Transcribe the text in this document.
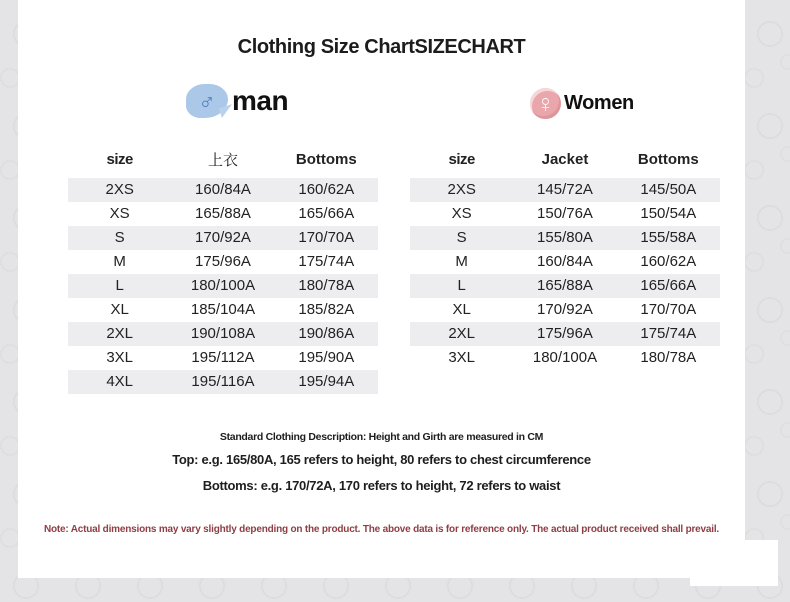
Clothing Size ChartSIZECHART
♂ man	♀ Women
size	上衣	Bottoms
2XS	160/84A	160/62A
XS	165/88A	165/66A
S	170/92A	170/70A
M	175/96A	175/74A
L	180/100A	180/78A
XL	185/104A	185/82A
2XL	190/108A	190/86A
3XL	195/112A	195/90A
4XL	195/116A	195/94A
size	Jacket	Bottoms
2XS	145/72A	145/50A
XS	150/76A	150/54A
S	155/80A	155/58A
M	160/84A	160/62A
L	165/88A	165/66A
XL	170/92A	170/70A
2XL	175/96A	175/74A
3XL	180/100A	180/78A
Standard Clothing Description: Height and Girth are measured in CM
Top: e.g. 165/80A, 165 refers to height, 80 refers to chest circumference
Bottoms: e.g. 170/72A, 170 refers to height, 72 refers to waist
Note: Actual dimensions may vary slightly depending on the product. The above data is for reference only. The actual product received shall prevail.
